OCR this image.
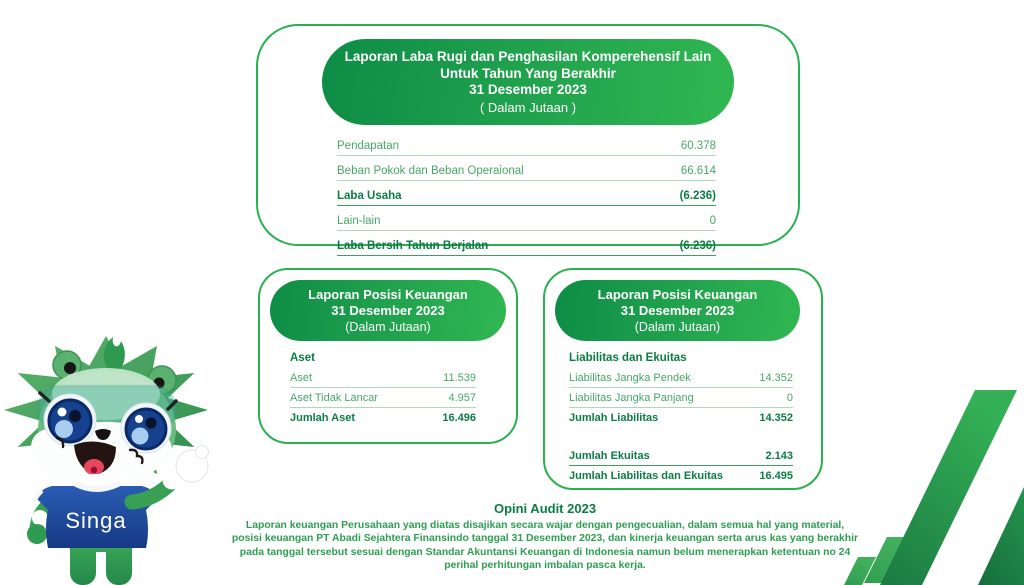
Laporan Laba Rugi dan Penghasilan Komperehensif Lain
Untuk Tahun Yang Berakhir
31 Desember 2023
( Dalam Jutaan )
Pendapatan	60.378
Beban Pokok dan Beban Operaional	66.614
Laba Usaha	(6.236)
Lain-lain	0
Laba Bersih Tahun Berjalan	(6.236)
Laporan Posisi Keuangan
31 Desember 2023
(Dalam Jutaan)
Aset
Aset	11.539
Aset Tidak Lancar	4.957
Jumlah Aset	16.496
Laporan Posisi Keuangan
31 Desember 2023
(Dalam Jutaan)
Liabilitas dan Ekuitas
Liabilitas Jangka Pendek	14.352
Liabilitas Jangka Panjang	0
Jumlah Liabilitas	14.352
Jumlah Ekuitas	2.143
Jumlah Liabilitas dan Ekuitas	16.495
Opini Audit 2023
Laporan keuangan Perusahaan yang diatas disajikan secara wajar dengan pengecualian, dalam semua hal yang material, posisi keuangan PT Abadi Sejahtera Finansindo tanggal 31 Desember 2023, dan kinerja keuangan serta arus kas yang berakhir pada tanggal tersebut sesuai dengan Standar Akuntansi Keuangan di Indonesia namun belum menerapkan ketentuan no 24 perihal perhitungan imbalan pasca kerja.
Singa
